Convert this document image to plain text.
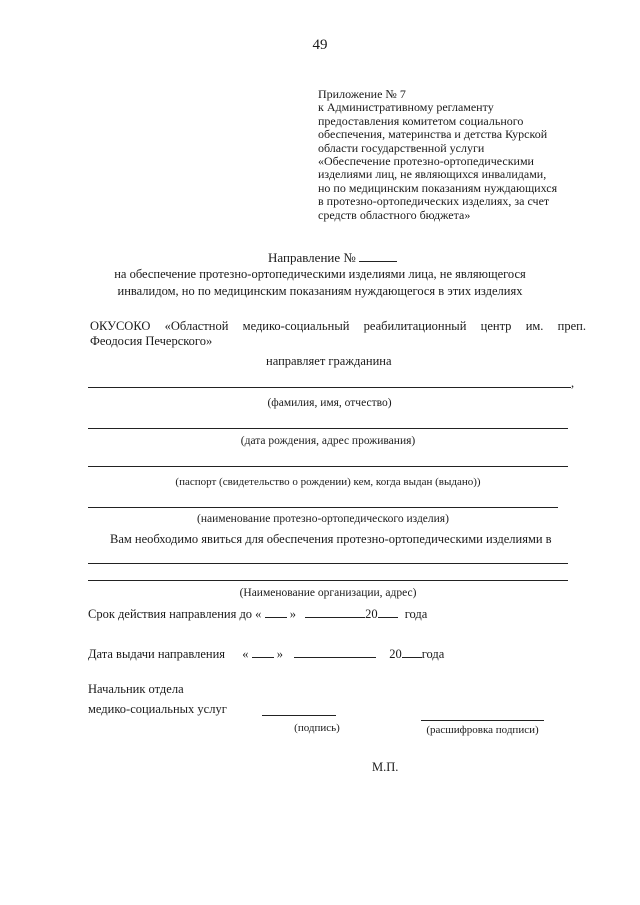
49
Приложение № 7
к Административному регламенту
предоставления комитетом социального
обеспечения, материнства и детства Курской
области государственной услуги
«Обеспечение протезно-ортопедическими
изделиями лиц, не являющихся инвалидами,
но по медицинским показаниям нуждающихся
в протезно-ортопедических изделиях, за счет
средств областного бюджета»
Направление №
на обеспечение протезно-ортопедическими изделиями лица, не являющегося
инвалидом, но по медицинским показаниям нуждающегося в этих изделиях
ОКУСОКО «Областной медико-социальный реабилитационный центр им. преп.
Феодосия Печерского»
направляет гражданина
,
(фамилия, имя, отчество)
(дата рождения, адрес проживания)
(паспорт (свидетельство о рождении) кем, когда выдан (выдано))
(наименование протезно-ортопедического изделия)
Вам необходимо явиться для обеспечения протезно-ортопедическими изделиями в
(Наименование организации, адрес)
Срок действия направления до « »	20 года
Дата выдачи направления « »	20 года
Начальник отдела
медико-социальных услуг
(подпись)	(расшифровка подписи)
М.П.
